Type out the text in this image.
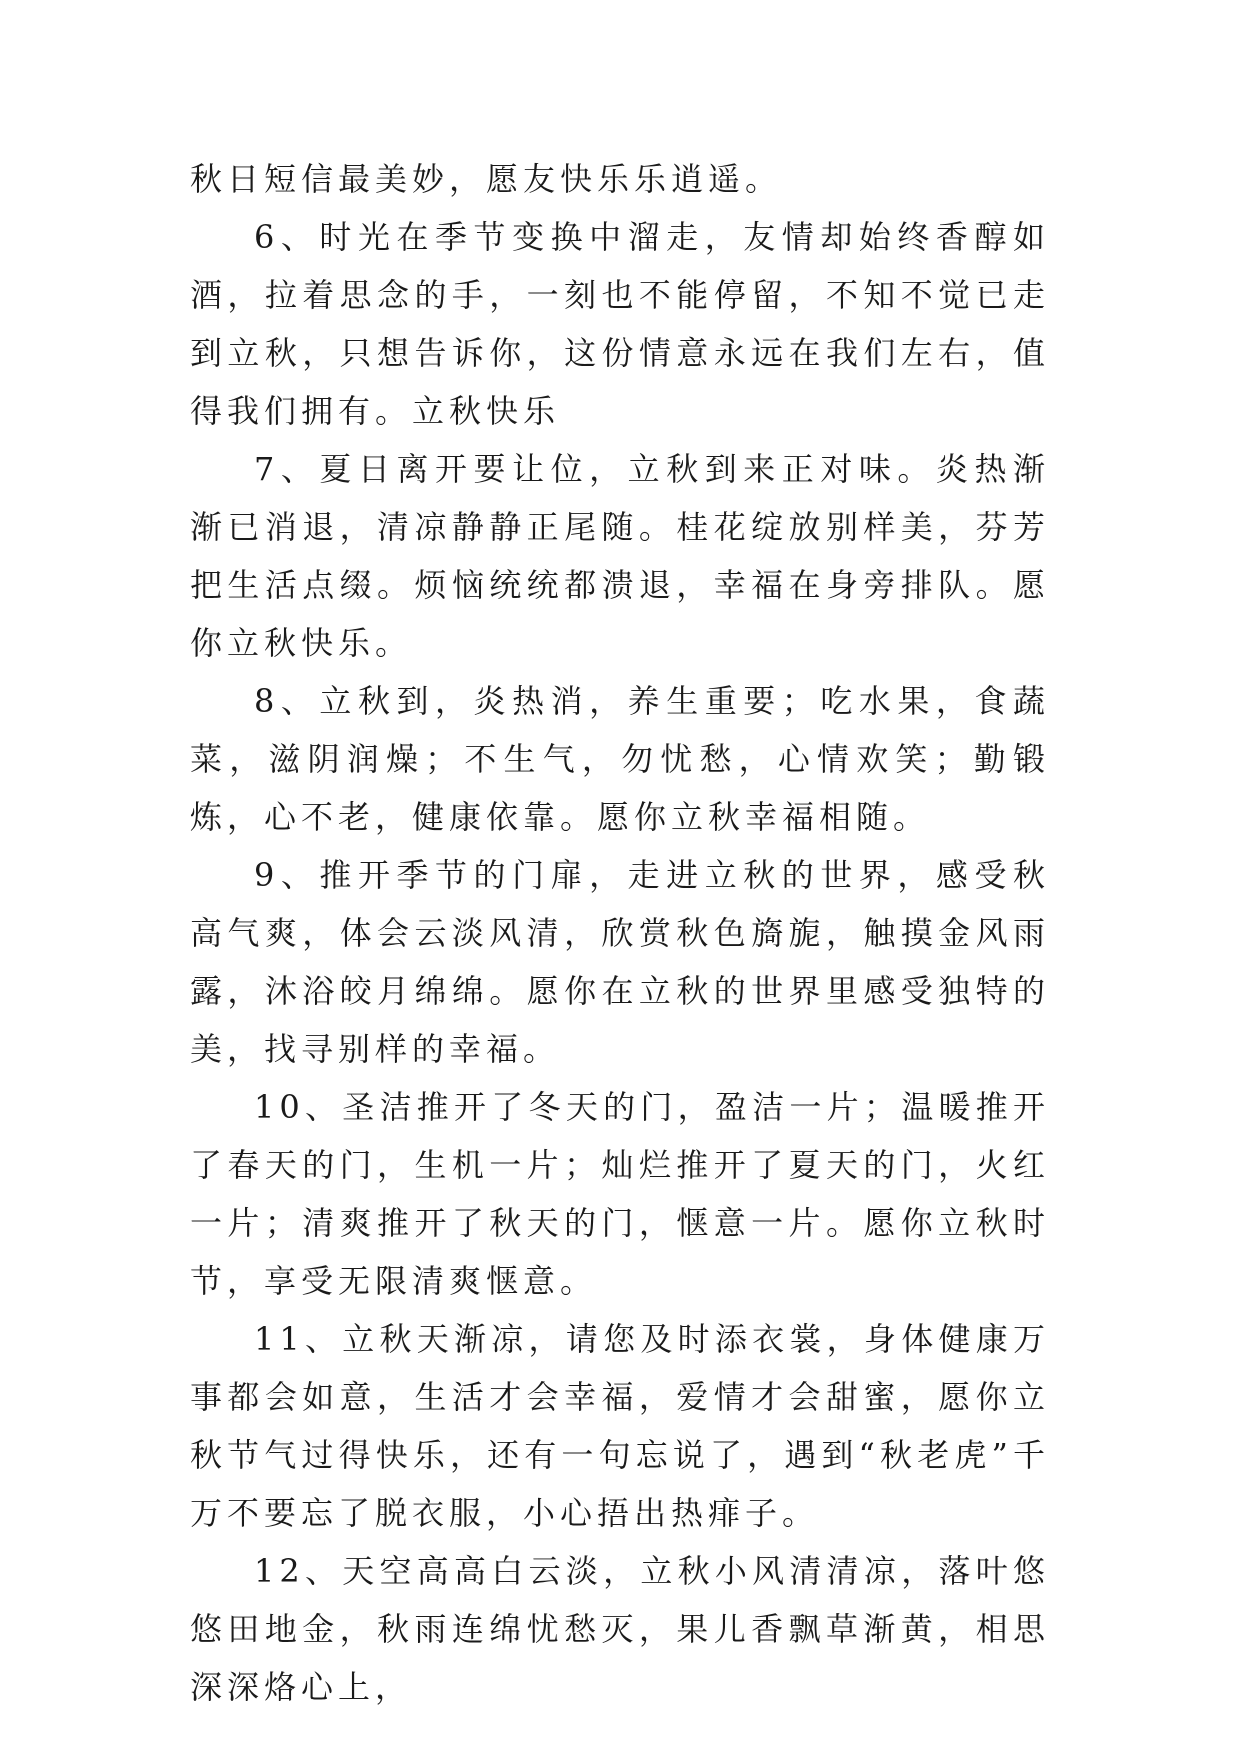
秋日短信最美妙，愿友快乐乐逍遥。

6、时光在季节变换中溜走，友情却始终香醇如酒，拉着思念的手，一刻也不能停留，不知不觉已走到立秋，只想告诉你，这份情意永远在我们左右，值得我们拥有。立秋快乐

7、夏日离开要让位，立秋到来正对味。炎热渐渐已消退，清凉静静正尾随。桂花绽放别样美，芬芳把生活点缀。烦恼统统都溃退，幸福在身旁排队。愿你立秋快乐。

8、立秋到，炎热消，养生重要；吃水果，食蔬菜，滋阴润燥；不生气，勿忧愁，心情欢笑；勤锻炼，心不老，健康依靠。愿你立秋幸福相随。

9、推开季节的门扉，走进立秋的世界，感受秋高气爽，体会云淡风清，欣赏秋色旖旎，触摸金风雨露，沐浴皎月绵绵。愿你在立秋的世界里感受独特的美，找寻别样的幸福。

10、圣洁推开了冬天的门，盈洁一片；温暖推开了春天的门，生机一片；灿烂推开了夏天的门，火红一片；清爽推开了秋天的门，惬意一片。愿你立秋时节，享受无限清爽惬意。

11、立秋天渐凉，请您及时添衣裳，身体健康万事都会如意，生活才会幸福，爱情才会甜蜜，愿你立秋节气过得快乐，还有一句忘说了，遇到“秋老虎”千万不要忘了脱衣服，小心捂出热痱子。

12、天空高高白云淡，立秋小风清清凉，落叶悠悠田地金，秋雨连绵忧愁灭，果儿香飘草渐黄，相思深深烙心上，
